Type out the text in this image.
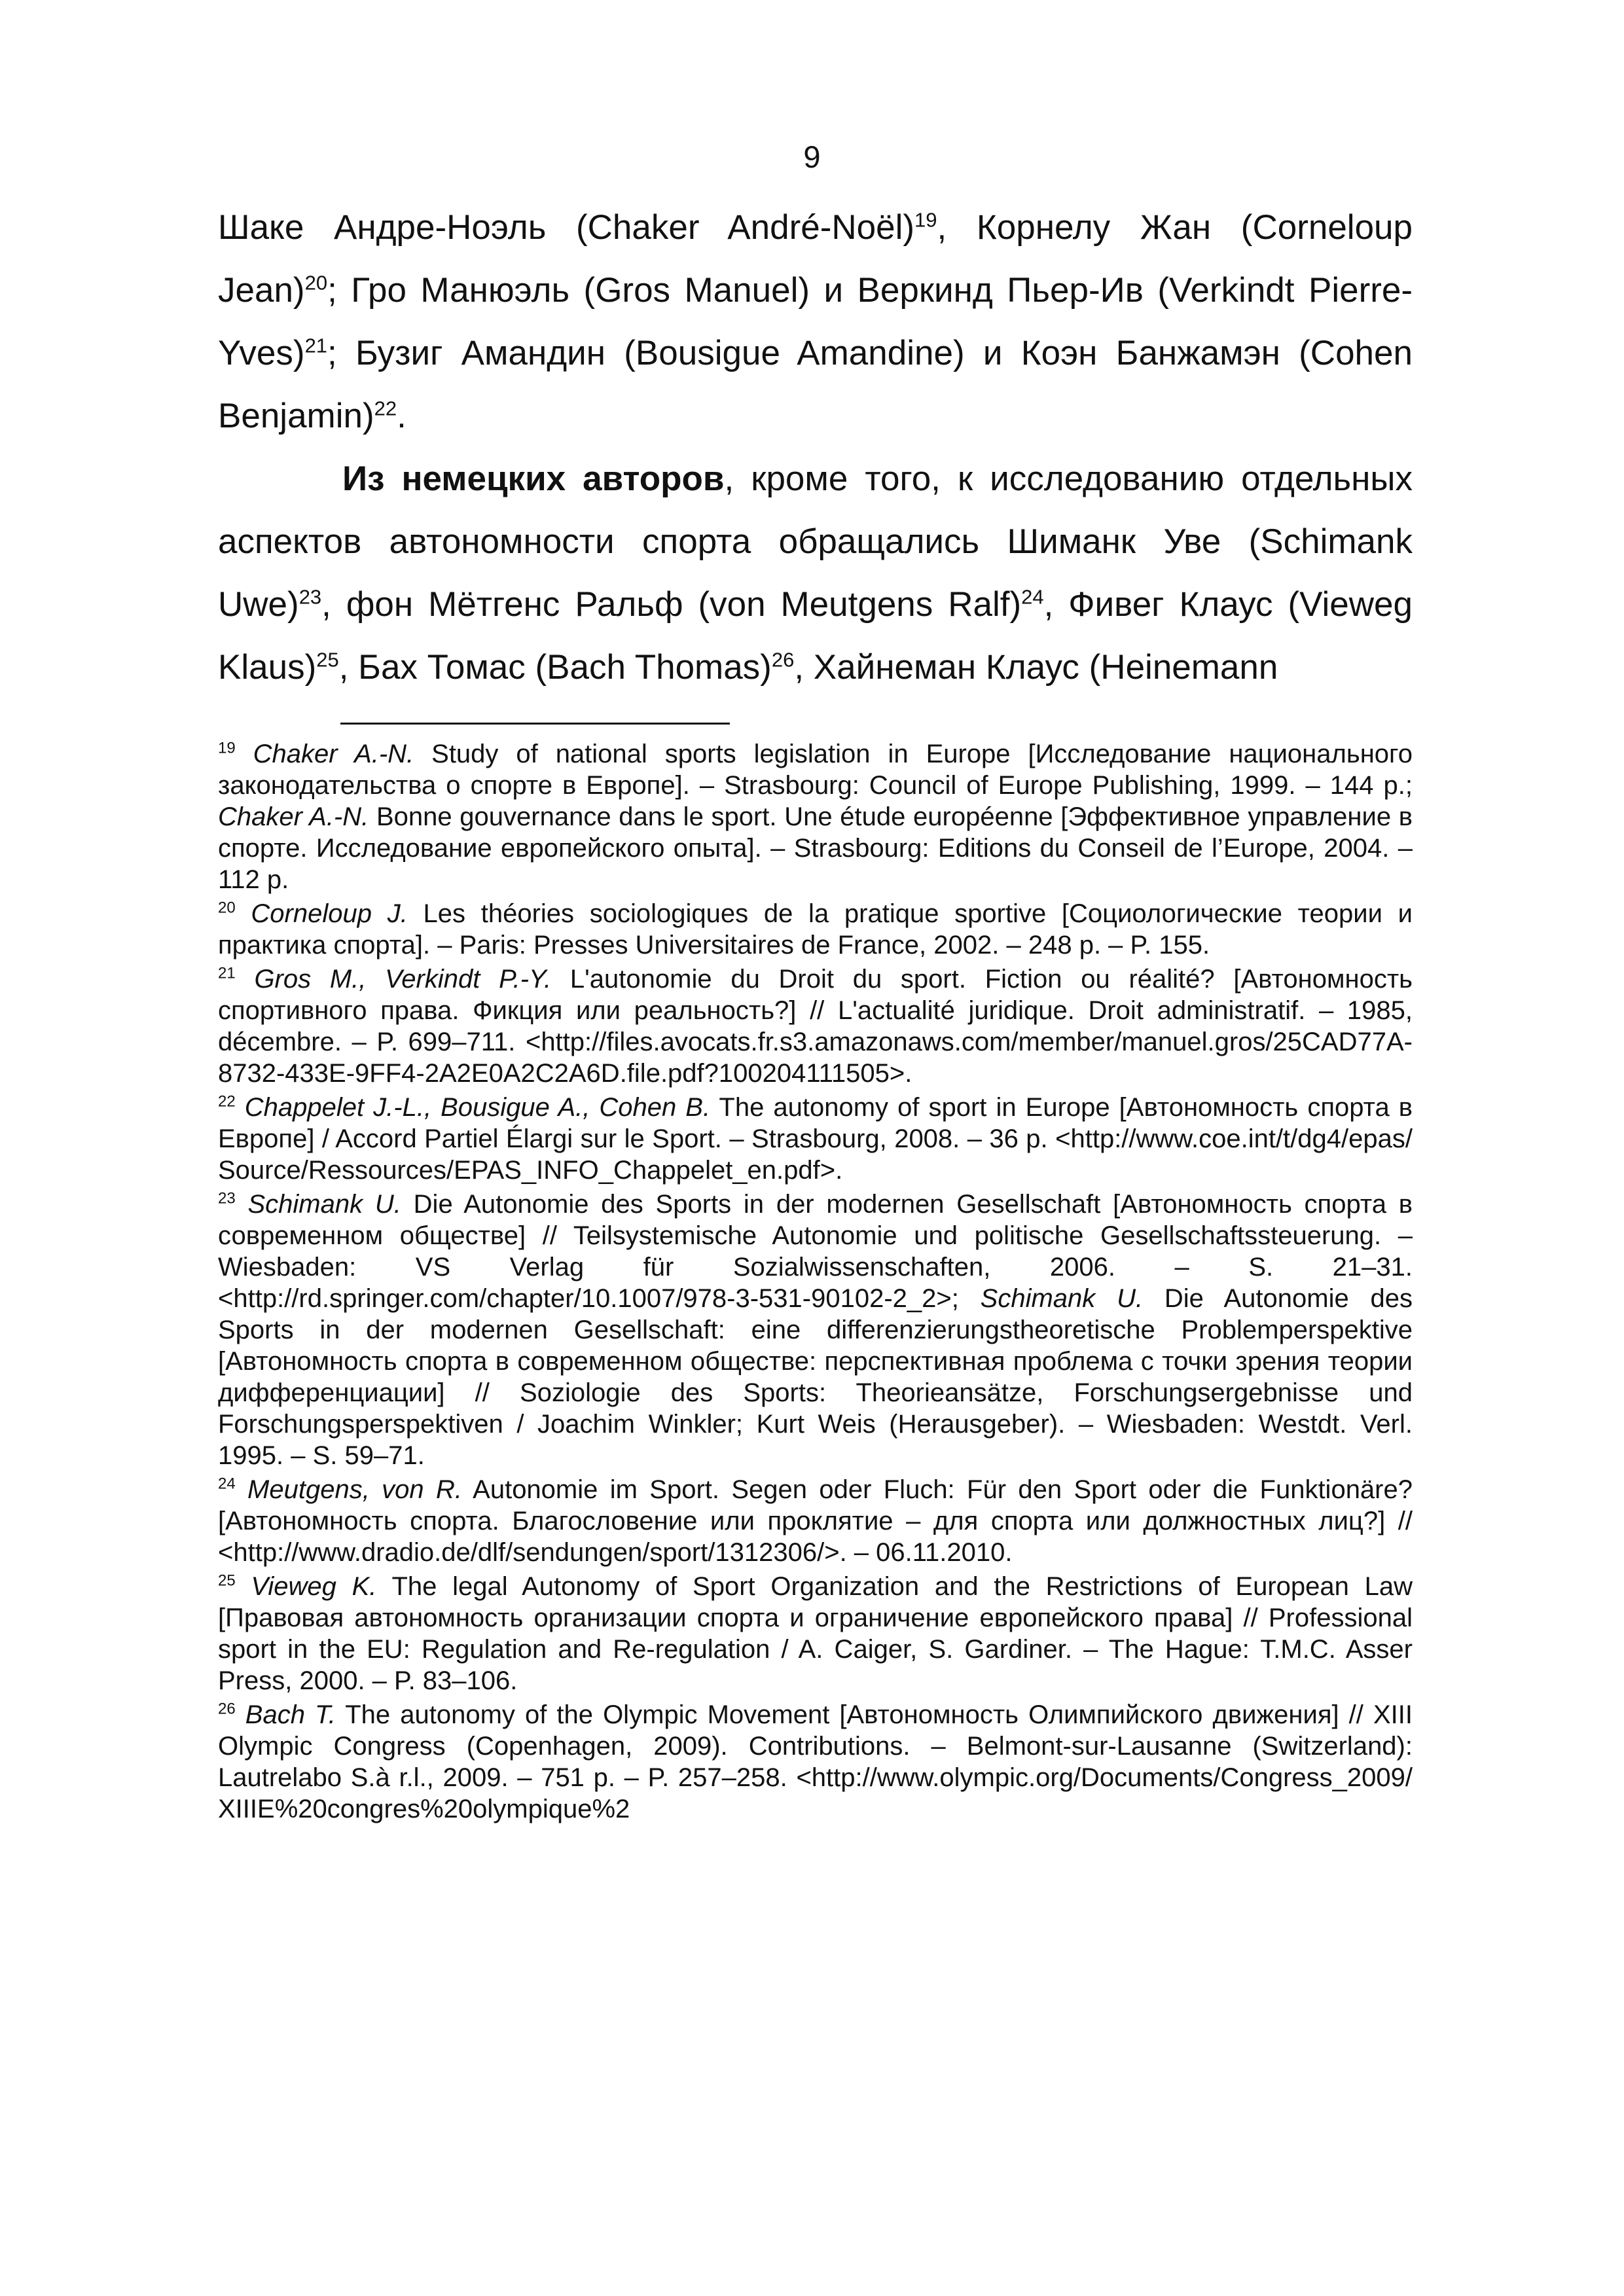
9

Шаке Андре-Ноэль (Chaker André-Noël)$^{19}$, Корнелу Жан (Corneloup Jean)$^{20}$; Гро Манюэль (Gros Manuel) и Веркинд Пьер-Ив (Verkindt Pierre-Yves)$^{21}$; Бузиг Амандин (Bousigue Amandine) и Коэн Банжамэн (Cohen Benjamin)$^{22}$.

Из немецких авторов, кроме того, к исследованию отдельных аспектов автономности спорта обращались Шиманк Уве (Schimank Uwe)$^{23}$, фон Мётгенс Ральф (von Meutgens Ralf)$^{24}$, Фивег Клаус (Vieweg Klaus)$^{25}$, Бах Томас (Bach Thomas)$^{26}$, Хайнеман Клаус (Heinemann

$^{19}$ Chaker A.-N. Study of national sports legislation in Europe [Исследование национального законодательства о спорте в Европе]. – Strasbourg: Council of Europe Publishing, 1999. – 144 p.; Chaker A.-N. Bonne gouvernance dans le sport. Une étude européenne [Эффективное управление в спорте. Исследование европейского опыта]. – Strasbourg: Editions du Conseil de l’Europe, 2004. – 112 p.

$^{20}$ Corneloup J. Les théories sociologiques de la pratique sportive [Социологические теории и практика спорта]. – Paris: Presses Universitaires de France, 2002. – 248 p. – P. 155.

$^{21}$ Gros M., Verkindt P.-Y. L'autonomie du Droit du sport. Fiction ou réalité? [Автономность спортивного права. Фикция или реальность?] // L'actualité juridique. Droit administratif. – 1985, décembre. – P. 699–711. <http://files.avocats.fr.s3.amazonaws.com/member/manuel.gros/25CAD77A-8732-433E-9FF4-2A2E0A2C2A6D.file.pdf?100204111505>.

$^{22}$ Chappelet J.-L., Bousigue A., Cohen B. The autonomy of sport in Europe [Автономность спорта в Европе] / Accord Partiel Élargi sur le Sport. – Strasbourg, 2008. – 36 p. <http://www.coe.int/t/dg4/epas/Source/Ressources/EPAS_INFO_Chappelet_en.pdf>.

$^{23}$ Schimank U. Die Autonomie des Sports in der modernen Gesellschaft [Автономность спорта в современном обществе] // Teilsystemische Autonomie und politische Gesellschaftssteuerung. – Wiesbaden: VS Verlag für Sozialwissenschaften, 2006. – S. 21–31. <http://rd.springer.com/chapter/10.1007/978-3-531-90102-2_2>; Schimank U. Die Autonomie des Sports in der modernen Gesellschaft: eine differenzierungstheoretische Problemperspektive [Автономность спорта в современном обществе: перспективная проблема с точки зрения теории дифференциации] // Soziologie des Sports: Theorieansätze, Forschungsergebnisse und Forschungsperspektiven / Joachim Winkler; Kurt Weis (Herausgeber). – Wiesbaden: Westdt. Verl. 1995. – S. 59–71.

$^{24}$ Meutgens, von R. Autonomie im Sport. Segen oder Fluch: Für den Sport oder die Funktionäre? [Автономность спорта. Благословение или проклятие – для спорта или должностных лиц?] // <http://www.dradio.de/dlf/sendungen/sport/1312306/>. – 06.11.2010.

$^{25}$ Vieweg K. The legal Autonomy of Sport Organization and the Restrictions of European Law [Правовая автономность организации спорта и ограничение европейского права] // Professional sport in the EU: Regulation and Re-regulation / A. Caiger, S. Gardiner. – The Hague: T.M.C. Asser Press, 2000. – P. 83–106.

$^{26}$ Bach T. The autonomy of the Olympic Movement [Автономность Олимпийского движения] // XIII Olympic Congress (Copenhagen, 2009). Contributions. – Belmont-sur-Lausanne (Switzerland): Lautrelabo S.à r.l., 2009. – 751 p. – P. 257–258. <http://www.olympic.org/Documents/Congress_2009/XIIIE%20congres%20olympique%2
